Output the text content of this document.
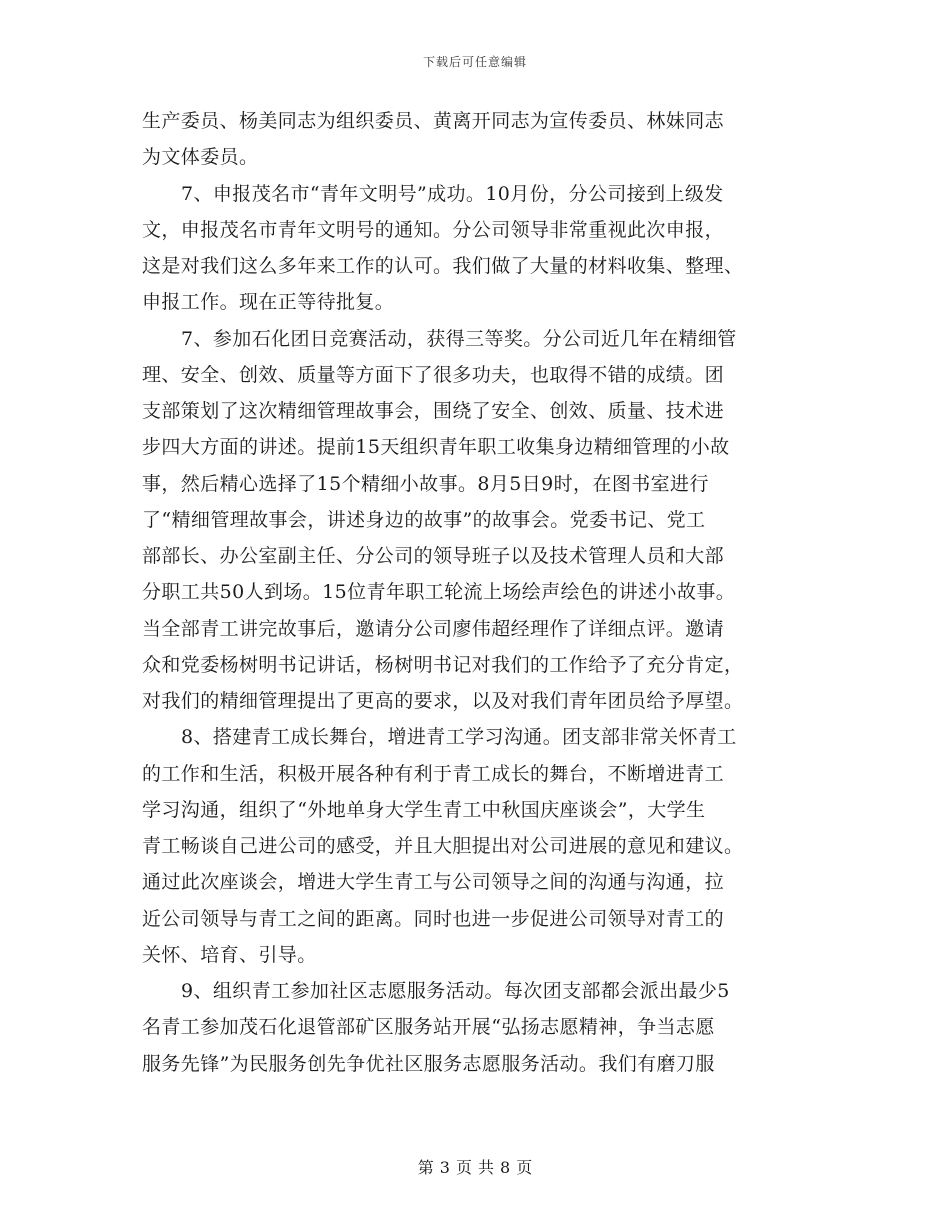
下载后可任意编辑
生产委员、杨美同志为组织委员、黄离开同志为宣传委员、林妹同志
为文体委员。
7、申报茂名市“青年文明号”成功。10月份，分公司接到上级发
文，申报茂名市青年文明号的通知。分公司领导非常重视此次申报，
这是对我们这么多年来工作的认可。我们做了大量的材料收集、整理、
申报工作。现在正等待批复。
7、参加石化团日竞赛活动，获得三等奖。分公司近几年在精细管
理、安全、创效、质量等方面下了很多功夫，也取得不错的成绩。团
支部策划了这次精细管理故事会，围绕了安全、创效、质量、技术进
步四大方面的讲述。提前15天组织青年职工收集身边精细管理的小故
事，然后精心选择了15个精细小故事。8月5日9时，在图书室进行
了“精细管理故事会，讲述身边的故事”的故事会。党委书记、党工
部部长、办公室副主任、分公司的领导班子以及技术管理人员和大部
分职工共50人到场。15位青年职工轮流上场绘声绘色的讲述小故事。
当全部青工讲完故事后，邀请分公司廖伟超经理作了详细点评。邀请
众和党委杨树明书记讲话，杨树明书记对我们的工作给予了充分肯定，
对我们的精细管理提出了更高的要求，以及对我们青年团员给予厚望。
8、搭建青工成长舞台，增进青工学习沟通。团支部非常关怀青工
的工作和生活，积极开展各种有利于青工成长的舞台，不断增进青工
学习沟通，组织了“外地单身大学生青工中秋国庆座谈会”，大学生
青工畅谈自己进公司的感受，并且大胆提出对公司进展的意见和建议。
通过此次座谈会，增进大学生青工与公司领导之间的沟通与沟通，拉
近公司领导与青工之间的距离。同时也进一步促进公司领导对青工的
关怀、培育、引导。
9、组织青工参加社区志愿服务活动。每次团支部都会派出最少5
名青工参加茂石化退管部矿区服务站开展“弘扬志愿精神，争当志愿
服务先锋”为民服务创先争优社区服务志愿服务活动。我们有磨刀服
第 3 页 共 8 页
